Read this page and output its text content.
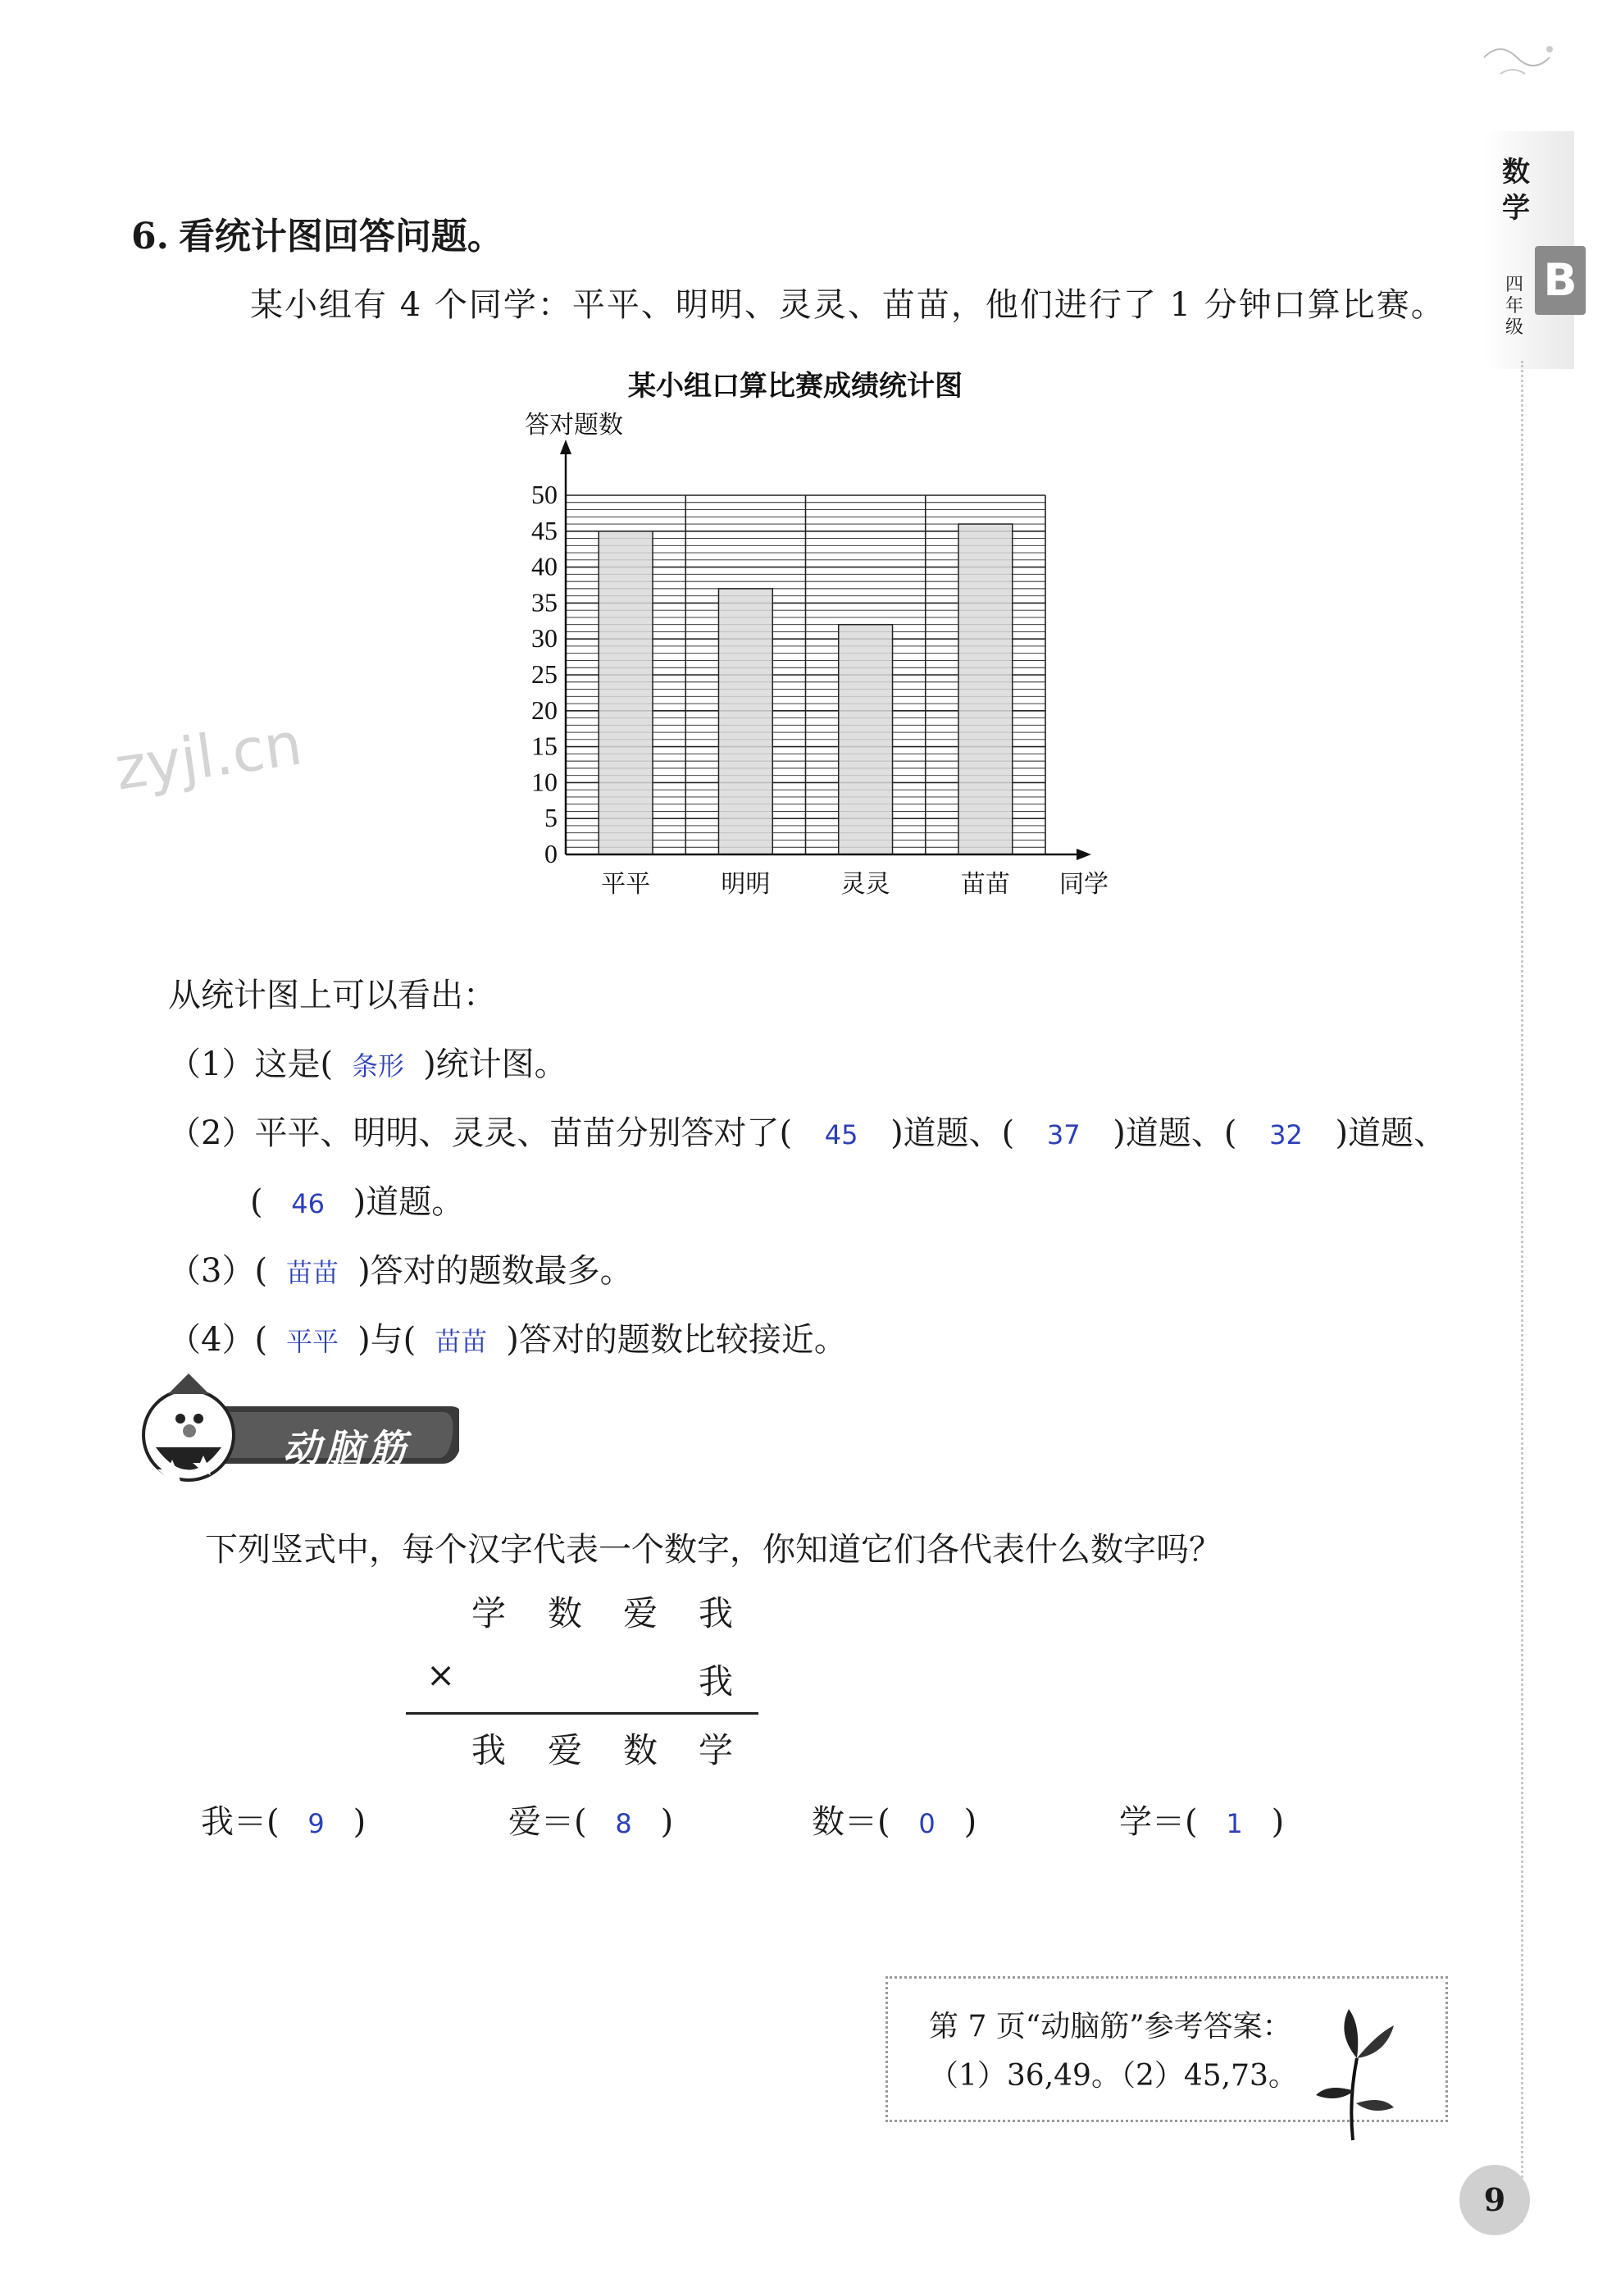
数学
四年级
B
zyjl.cn
6. 看统计图回答问题。
某小组有 4 个同学：平平、明明、灵灵、苗苗，他们进行了 1 分钟口算比赛。
某小组口算比赛成绩统计图
答对题数
同学
0
5
10
15
20
25
30
35
40
45
50
平平	明明	灵灵	苗苗
从统计图上可以看出：
（1）这是( 条形 )统计图。
（2）平平、明明、灵灵、苗苗分别答对了( 45 )道题、( 37 )道题、( 32 )道题、
( 46 )道题。
（3）( 苗苗 )答对的题数最多。
（4）( 平平 )与( 苗苗 )答对的题数比较接近。
动脑筋
下列竖式中，每个汉字代表一个数字，你知道它们各代表什么数字吗？
学 数 爱 我
×	我
我 爱 数 学
我＝( 9 )	爱＝( 8 )	数＝( 0 )	学＝( 1 )
第 7 页“动脑筋”参考答案：
（1）36,49。（2）45,73。
9
